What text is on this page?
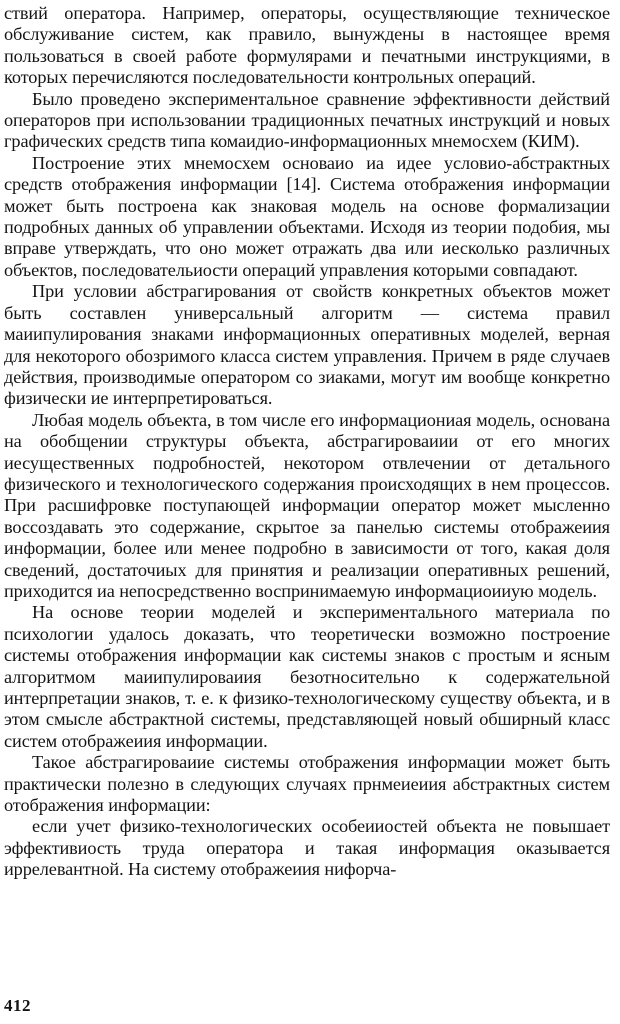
ствий оператора. Например, операторы, осуществляющие техническое обслуживание систем, как правило, вынуждены в настоящее время пользоваться в своей работе формулярами и печатными инструкциями, в которых перечисляются последовательности контрольных операций.

Было проведено экспериментальное сравнение эффективности действий операторов при использовании традиционных печатных инструкций и новых графических средств типа комаидио-информационных мнемосхем (КИМ).

Построение этих мнемосхем основаио иа идее условио-абстрактных средств отображения информации [14]. Система отображения информации может быть построена как знаковая модель на основе формализации подробных данных об управлении объектами. Исходя из теории подобия, мы вправе утверждать, что оно может отражать два или иесколько различных объектов, последовательиости операций управления которыми совпадают.

При условии абстрагирования от свойств конкретных объектов может быть составлен универсальный алгоритм — система правил маиипулирования знаками информационных оперативных моделей, верная для некоторого обозримого класса систем управления. Причем в ряде случаев действия, производимые оператором со зиаками, могут им вообще конкретно физически ие интерпретироваться.

Любая модель объекта, в том числе его информациониая модель, основана на обобщении структуры объекта, абстрагироваиии от его многих иесущественных подробностей, некотором отвлечении от детального физического и технологического содержания происходящих в нем процессов. При расшифровке поступающей информации оператор может мысленно воссоздавать это содержание, скрытое за панелью системы отображеиия информации, более или менее подробно в зависимости от того, какая доля сведений, достаточиых для принятия и реализации оперативных решений, приходится иа непосредственно воспринимаемую информациоииую модель.

На основе теории моделей и экспериментального материала по психологии удалось доказать, что теоретически возможно построение системы отображения информации как системы знаков с простым и ясным алгоритмом маиипулироваиия безотносительно к содержательной интерпретации знаков, т. е. к физико-технологическому существу объекта, и в этом смысле абстрактной системы, представляющей новый обширный класс систем отображеиия информации.

Такое абстрагироваиие системы отображения информации может быть практически полезно в следующих случаях прнмеиеиия абстрактных систем отображения информации:

если учет физико-технологических особеииостей объекта не повышает эффективиость труда оператора и такая информация оказывается иррелевантной. На систему отображеиия нифорча-

412
